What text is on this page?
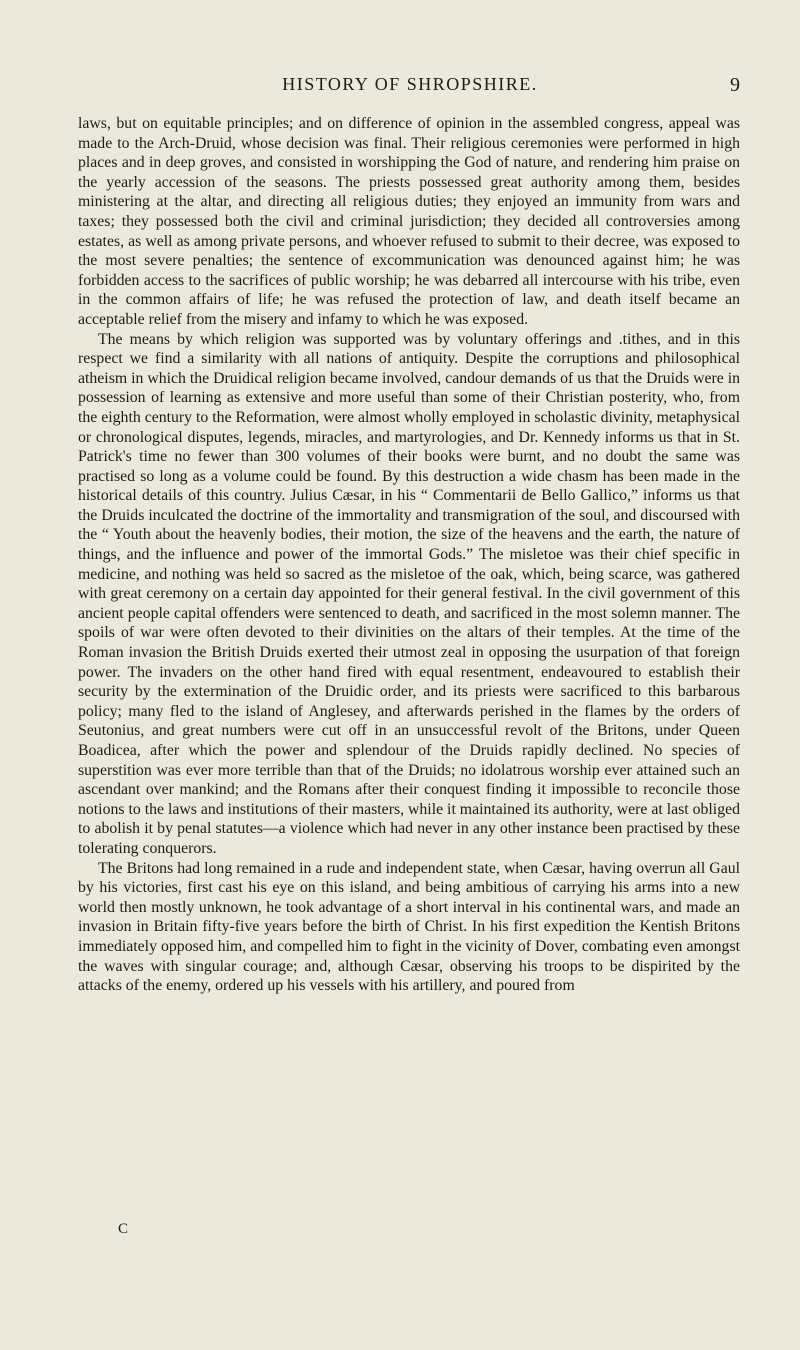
HISTORY OF SHROPSHIRE.	9

laws, but on equitable principles; and on difference of opinion in the assembled congress, appeal was made to the Arch-Druid, whose decision was final. Their religious ceremonies were performed in high places and in deep groves, and consisted in worshipping the God of nature, and rendering him praise on the yearly accession of the seasons. The priests possessed great authority among them, besides ministering at the altar, and directing all religious duties; they enjoyed an immunity from wars and taxes; they possessed both the civil and criminal jurisdiction; they decided all controversies among estates, as well as among private persons, and whoever refused to submit to their decree, was exposed to the most severe penalties; the sentence of excommunication was denounced against him; he was forbidden access to the sacrifices of public worship; he was debarred all intercourse with his tribe, even in the common affairs of life; he was refused the protection of law, and death itself became an acceptable relief from the misery and infamy to which he was exposed.

The means by which religion was supported was by voluntary offerings and .tithes, and in this respect we find a similarity with all nations of antiquity. Despite the corruptions and philosophical atheism in which the Druidical religion became involved, candour demands of us that the Druids were in possession of learning as extensive and more useful than some of their Christian posterity, who, from the eighth century to the Reformation, were almost wholly employed in scholastic divinity, metaphysical or chronological disputes, legends, miracles, and martyrologies, and Dr. Kennedy informs us that in St. Patrick's time no fewer than 300 volumes of their books were burnt, and no doubt the same was practised so long as a volume could be found. By this destruction a wide chasm has been made in the historical details of this country. Julius Cæsar, in his “ Commentarii de Bello Gallico,” informs us that the Druids inculcated the doctrine of the immortality and transmigration of the soul, and discoursed with the “ Youth about the heavenly bodies, their motion, the size of the heavens and the earth, the nature of things, and the influence and power of the immortal Gods.” The misletoe was their chief specific in medicine, and nothing was held so sacred as the misletoe of the oak, which, being scarce, was gathered with great ceremony on a certain day appointed for their general festival. In the civil government of this ancient people capital offenders were sentenced to death, and sacrificed in the most solemn manner. The spoils of war were often devoted to their divinities on the altars of their temples. At the time of the Roman invasion the British Druids exerted their utmost zeal in opposing the usurpation of that foreign power. The invaders on the other hand fired with equal resentment, endeavoured to establish their security by the extermination of the Druidic order, and its priests were sacrificed to this barbarous policy; many fled to the island of Anglesey, and afterwards perished in the flames by the orders of Seutonius, and great numbers were cut off in an unsuccessful revolt of the Britons, under Queen Boadicea, after which the power and splendour of the Druids rapidly declined. No species of superstition was ever more terrible than that of the Druids; no idolatrous worship ever attained such an ascendant over mankind; and the Romans after their conquest finding it impossible to reconcile those notions to the laws and institutions of their masters, while it maintained its authority, were at last obliged to abolish it by penal statutes—a violence which had never in any other instance been practised by these tolerating conquerors.

The Britons had long remained in a rude and independent state, when Cæsar, having overrun all Gaul by his victories, first cast his eye on this island, and being ambitious of carrying his arms into a new world then mostly unknown, he took advantage of a short interval in his continental wars, and made an invasion in Britain fifty-five years before the birth of Christ. In his first expedition the Kentish Britons immediately opposed him, and compelled him to fight in the vicinity of Dover, combating even amongst the waves with singular courage; and, although Cæsar, observing his troops to be dispirited by the attacks of the enemy, ordered up his vessels with his artillery, and poured from

C
